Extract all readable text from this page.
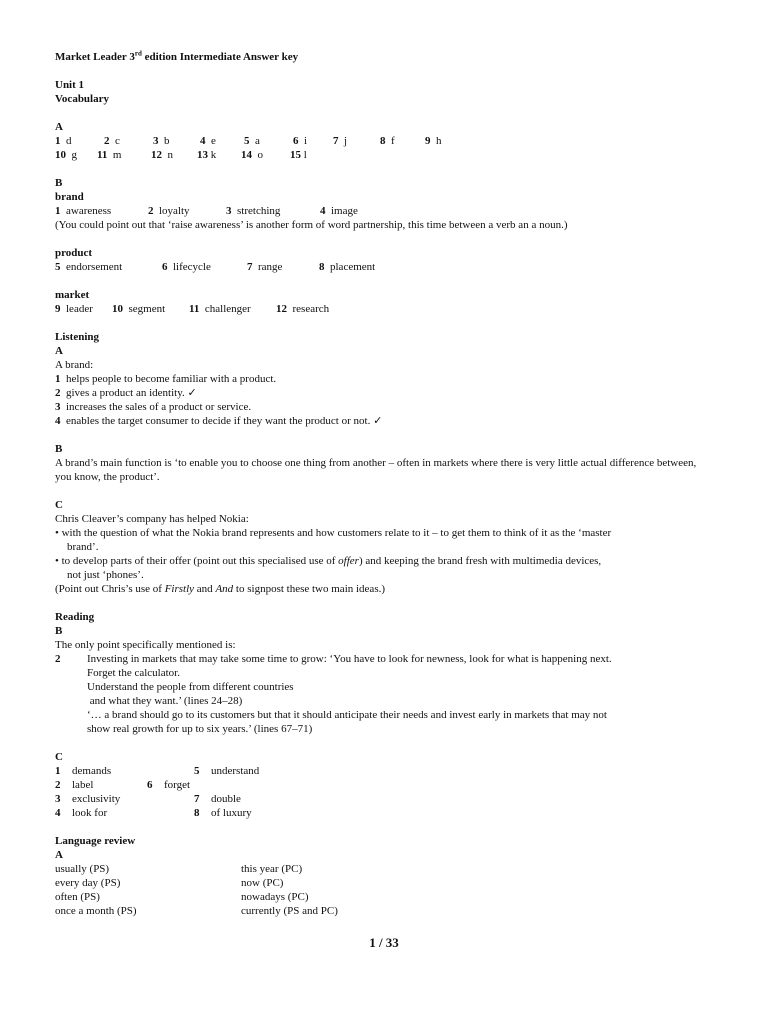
Market Leader 3rd edition Intermediate Answer key
Unit 1
Vocabulary
A
1 d	2 c	3 b	4 e	5 a	6 i 7 j	8 f	9 h
10 g 11 m	12 n 13 k 14 o 15 l
B
brand
1 awareness	2 loyalty	3 stretching	4 image
(You could point out that ‘raise awareness’ is another form of word partnership, this time between a verb an a noun.)
product
5 endorsement	6 lifecycle	7 range	8 placement
market
9 leader 10 segment 11 challenger 12 research
Listening
A
A brand:
1 helps people to become familiar with a product.
2 gives a product an identity. ✓
3 increases the sales of a product or service.
4 enables the target consumer to decide if they want the product or not. ✓
B
A brand’s main function is ‘to enable you to choose one thing from another – often in markets where there is very little actual difference between, you know, the product’.
C
Chris Cleaver’s company has helped Nokia:
• with the question of what the Nokia brand represents and how customers relate to it – to get them to think of it as the ‘master
brand’.
• to develop parts of their offer (point out this specialised use of offer) and keeping the brand fresh with multimedia devices,
not just ‘phones’.
(Point out Chris’s use of Firstly and And to signpost these two main ideas.)
Reading
B
The only point specifically mentioned is:
2 Investing in markets that may take some time to grow: ‘You have to look for newness, look for what is happening next.
Forget the calculator.
Understand the people from different countries
and what they want.’ (lines 24–28)
‘… a brand should go to its customers but that it should anticipate their needs and invest early in markets that may not
show real growth for up to six years.’ (lines 67–71)
C
1 demands	5 understand
2 label	6 forget
3 exclusivity	7 double
4 look for	8 of luxury
Language review
A
usually (PS)	this year (PC)
every day (PS)	now (PC)
often (PS)	nowadays (PC)
once a month (PS)	currently (PS and PC)
1 / 33
